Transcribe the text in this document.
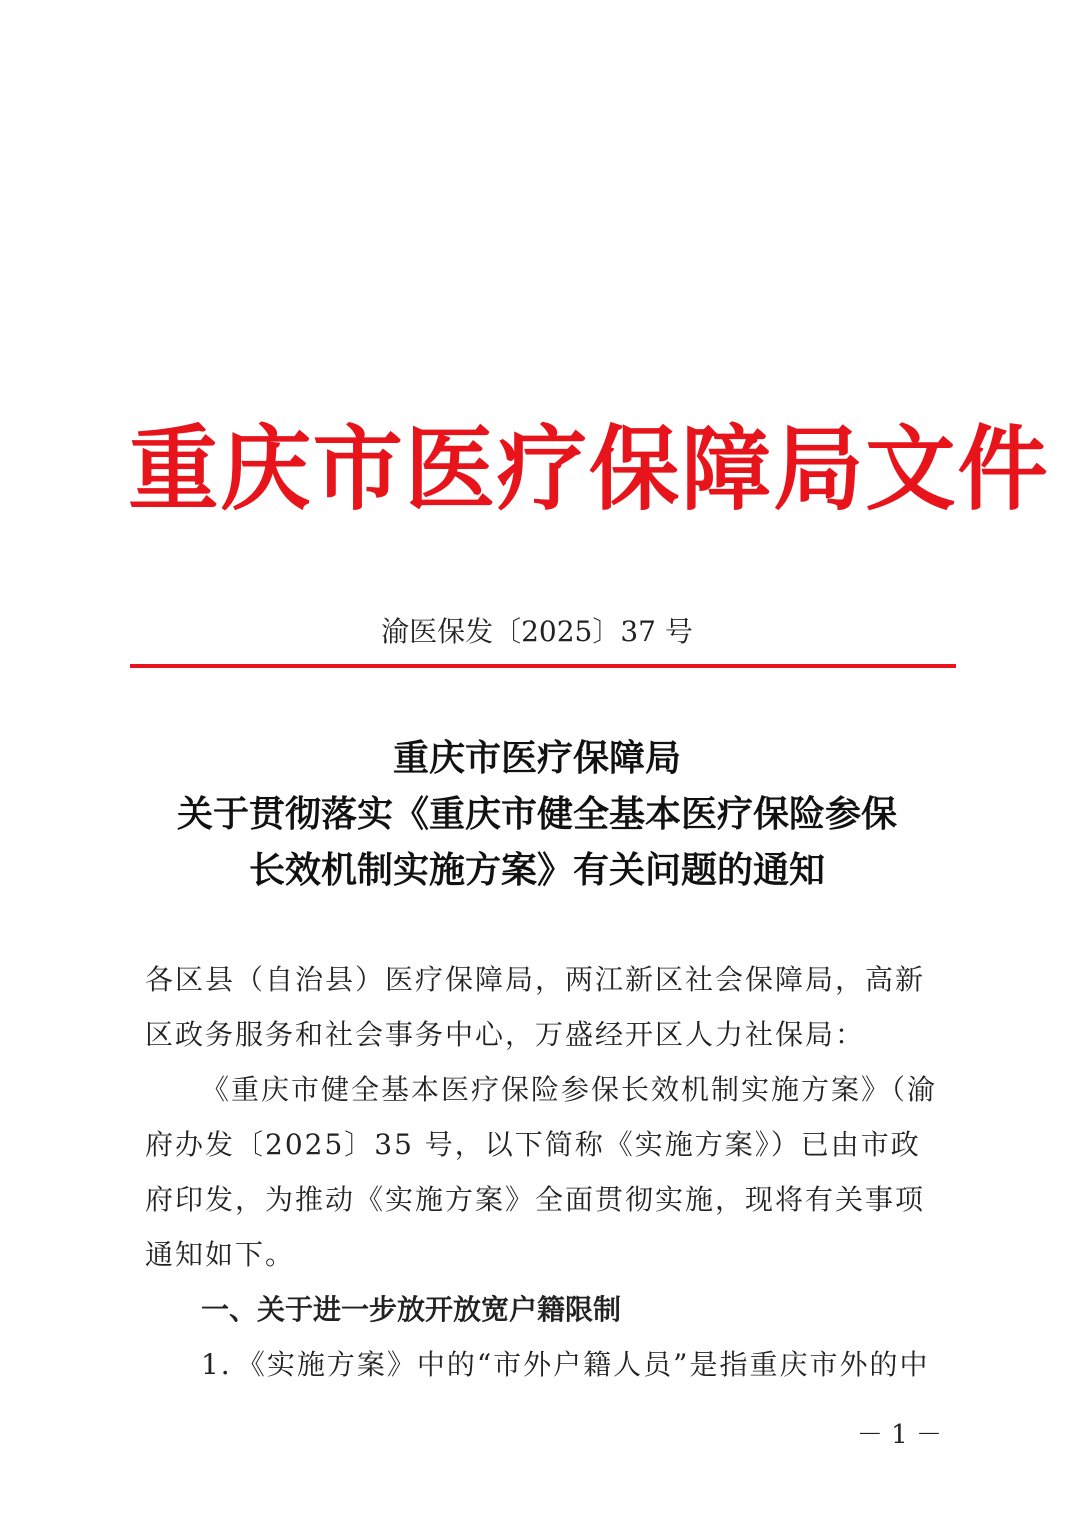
重庆市医疗保障局文件
渝医保发〔2025〕37 号
重庆市医疗保障局
关于贯彻落实《重庆市健全基本医疗保险参保
长效机制实施方案》有关问题的通知

各区县（自治县）医疗保障局，两江新区社会保障局，高新区政务服务和社会事务中心，万盛经开区人力社保局：

《重庆市健全基本医疗保险参保长效机制实施方案》（渝府办发〔2025〕35 号，以下简称《实施方案》）已由市政府印发，为推动《实施方案》全面贯彻实施，现将有关事项通知如下。

一、关于进一步放开放宽户籍限制

1．《实施方案》中的“市外户籍人员”是指重庆市外的中

－ 1 －
